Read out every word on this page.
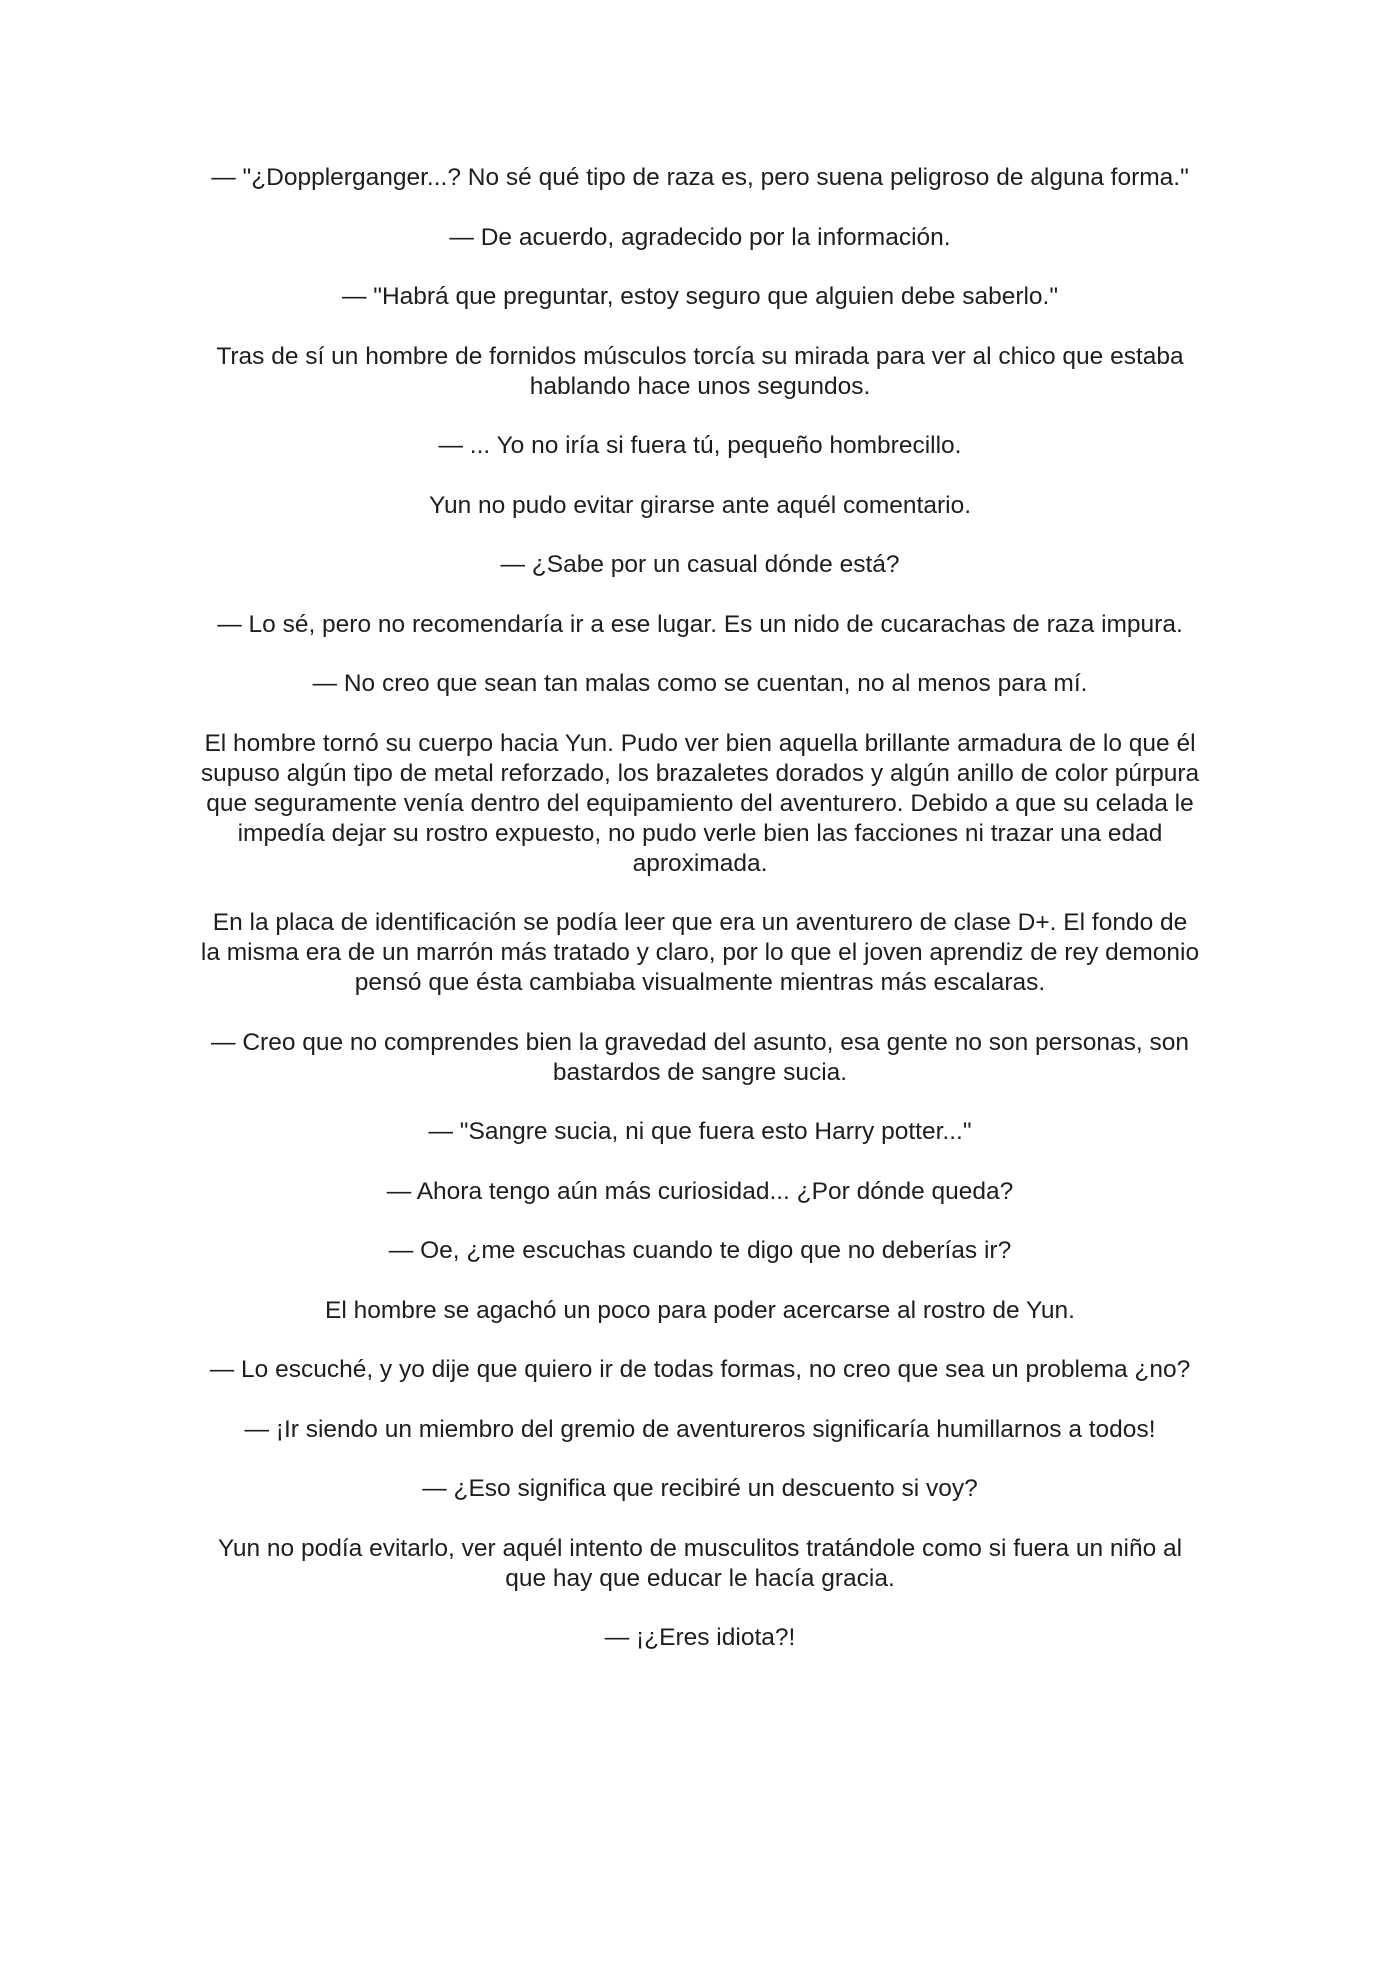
— "¿Dopplerganger...? No sé qué tipo de raza es, pero suena peligroso de alguna forma."

— De acuerdo, agradecido por la información.

— "Habrá que preguntar, estoy seguro que alguien debe saberlo."

Tras de sí un hombre de fornidos músculos torcía su mirada para ver al chico que estaba hablando hace unos segundos.

— ... Yo no iría si fuera tú, pequeño hombrecillo.

Yun no pudo evitar girarse ante aquél comentario.

— ¿Sabe por un casual dónde está?

— Lo sé, pero no recomendaría ir a ese lugar. Es un nido de cucarachas de raza impura.

— No creo que sean tan malas como se cuentan, no al menos para mí.

El hombre tornó su cuerpo hacia Yun. Pudo ver bien aquella brillante armadura de lo que él supuso algún tipo de metal reforzado, los brazaletes dorados y algún anillo de color púrpura que seguramente venía dentro del equipamiento del aventurero. Debido a que su celada le impedía dejar su rostro expuesto, no pudo verle bien las facciones ni trazar una edad aproximada.

En la placa de identificación se podía leer que era un aventurero de clase D+. El fondo de la misma era de un marrón más tratado y claro, por lo que el joven aprendiz de rey demonio pensó que ésta cambiaba visualmente mientras más escalaras.

— Creo que no comprendes bien la gravedad del asunto, esa gente no son personas, son bastardos de sangre sucia.

— "Sangre sucia, ni que fuera esto Harry potter..."

— Ahora tengo aún más curiosidad... ¿Por dónde queda?

— Oe, ¿me escuchas cuando te digo que no deberías ir?

El hombre se agachó un poco para poder acercarse al rostro de Yun.

— Lo escuché, y yo dije que quiero ir de todas formas, no creo que sea un problema ¿no?

— ¡Ir siendo un miembro del gremio de aventureros significaría humillarnos a todos!

— ¿Eso significa que recibiré un descuento si voy?

Yun no podía evitarlo, ver aquél intento de musculitos tratándole como si fuera un niño al que hay que educar le hacía gracia.

— ¡¿Eres idiota?!
